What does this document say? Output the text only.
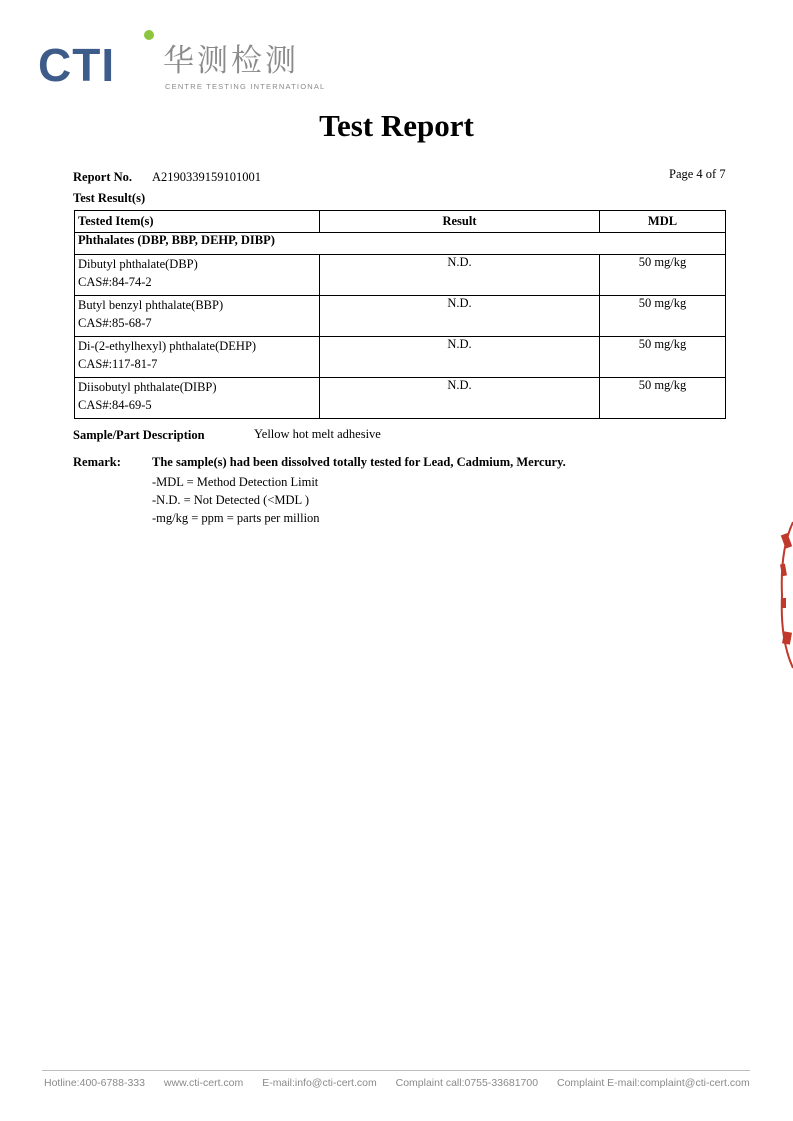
CTI 华测检测
CENTRE TESTING INTERNATIONAL
Test Report
Report No. A2190339159101001	Page 4 of 7
Test Result(s)
Tested Item(s)	Result	MDL
Phthalates (DBP, BBP, DEHP, DIBP)		

Dibutyl phthalate(DBP)
CAS#:84-74-2	N.D.	50 mg/kg

Butyl benzyl phthalate(BBP)
CAS#:85-68-7	N.D.	50 mg/kg

Di-(2-ethylhexyl) phthalate(DEHP)
CAS#:117-81-7	N.D.	50 mg/kg

Diisobutyl phthalate(DIBP)
CAS#:84-69-5	N.D.	50 mg/kg
Sample/Part Description	Yellow hot melt adhesive
Remark: The sample(s) had been dissolved totally tested for Lead, Cadmium, Mercury.
-MDL = Method Detection Limit
-N.D. = Not Detected (<MDL )
-mg/kg = ppm = parts per million
Hotline:400-6788-333 www.cti-cert.com E-mail:info@cti-cert.com Complaint call:0755-33681700 Complaint E-mail:complaint@cti-cert.com
